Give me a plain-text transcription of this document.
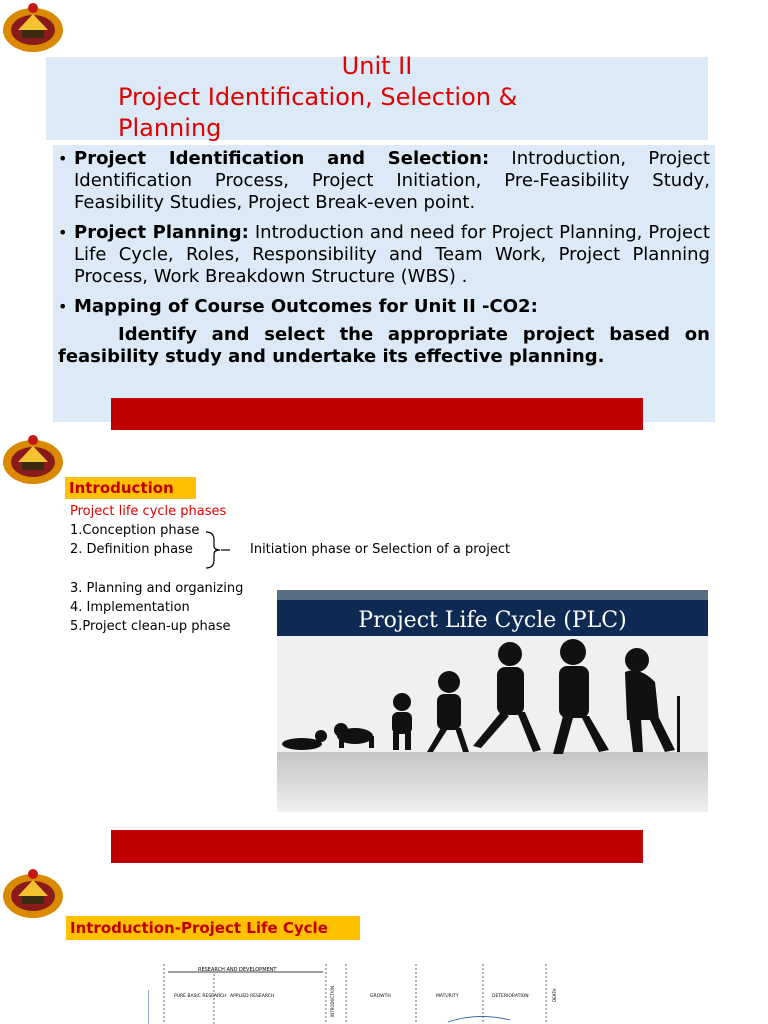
Unit II
Project Identification, Selection &
Planning
• Project Identification and Selection: Introduction, Project Identification Process, Project Initiation, Pre-Feasibility Study, Feasibility Studies, Project Break-even point.
• Project Planning: Introduction and need for Project Planning, Project Life Cycle, Roles, Responsibility and Team Work, Project Planning Process, Work Breakdown Structure (WBS) .
• Mapping of Course Outcomes for Unit II -CO2:
Identify and select the appropriate project based on feasibility study and undertake its effective planning.
Introduction
Project life cycle phases
1.Conception phase
2. Definition phase	Initiation phase or Selection of a project
3. Planning and organizing
4. Implementation
5.Project clean-up phase	Project Life Cycle (PLC)
Introduction-Project Life Cycle
RESEARCH AND DEVELOPMENT
PURE BASIC RESEARCH APPLIED RESEARCH	INTRODUCTION	GROWTH	MATURITY	DETERIORATION	DEATH
